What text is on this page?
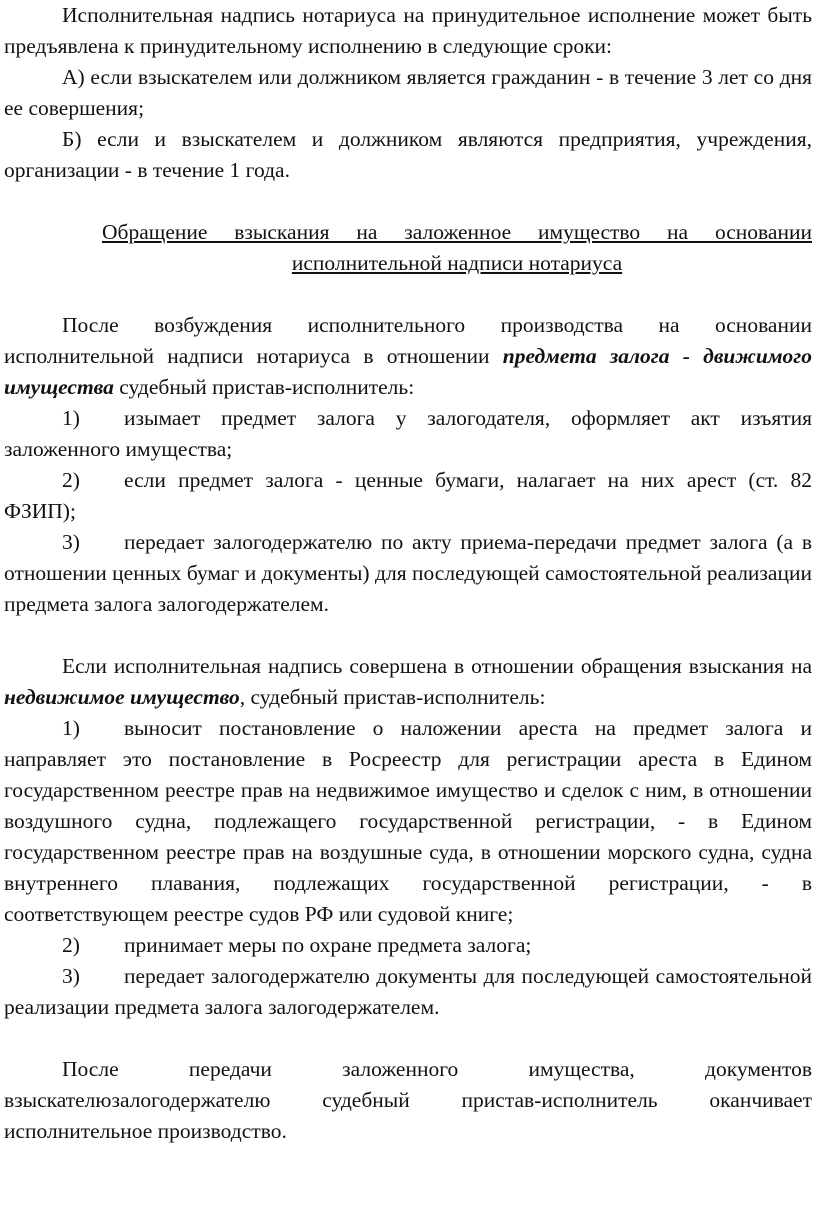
Исполнительная надпись нотариуса на принудительное исполнение может быть предъявлена к принудительному исполнению в следующие сроки:

А) если взыскателем или должником является гражданин - в течение 3 лет со дня ее совершения;

Б) если и взыскателем и должником являются предприятия, учреждения, организации - в течение 1 года.

Обращение взыскания на заложенное имущество на основании исполнительной надписи нотариуса

После возбуждения исполнительного производства на основании исполнительной надписи нотариуса в отношении предмета залога - движимого имущества судебный пристав-исполнитель:

1) изымает предмет залога у залогодателя, оформляет акт изъятия заложенного имущества;

2) если предмет залога - ценные бумаги, налагает на них арест (ст. 82 ФЗИП);

3) передает залогодержателю по акту приема-передачи предмет залога (а в отношении ценных бумаг и документы) для последующей самостоятельной реализации предмета залога залогодержателем.

Если исполнительная надпись совершена в отношении обращения взыскания на недвижимое имущество, судебный пристав-исполнитель:

1) выносит постановление о наложении ареста на предмет залога и направляет это постановление в Росреестр для регистрации ареста в Едином государственном реестре прав на недвижимое имущество и сделок с ним, в отношении воздушного судна, подлежащего государственной регистрации, - в Едином государственном реестре прав на воздушные суда, в отношении морского судна, судна внутреннего плавания, подлежащих государственной регистрации, - в соответствующем реестре судов РФ или судовой книге;

2) принимает меры по охране предмета залога;

3) передает залогодержателю документы для последующей самостоятельной реализации предмета залога залогодержателем.

После передачи заложенного имущества, документов взыскателюзалогодержателю судебный пристав-исполнитель оканчивает исполнительное производство.
